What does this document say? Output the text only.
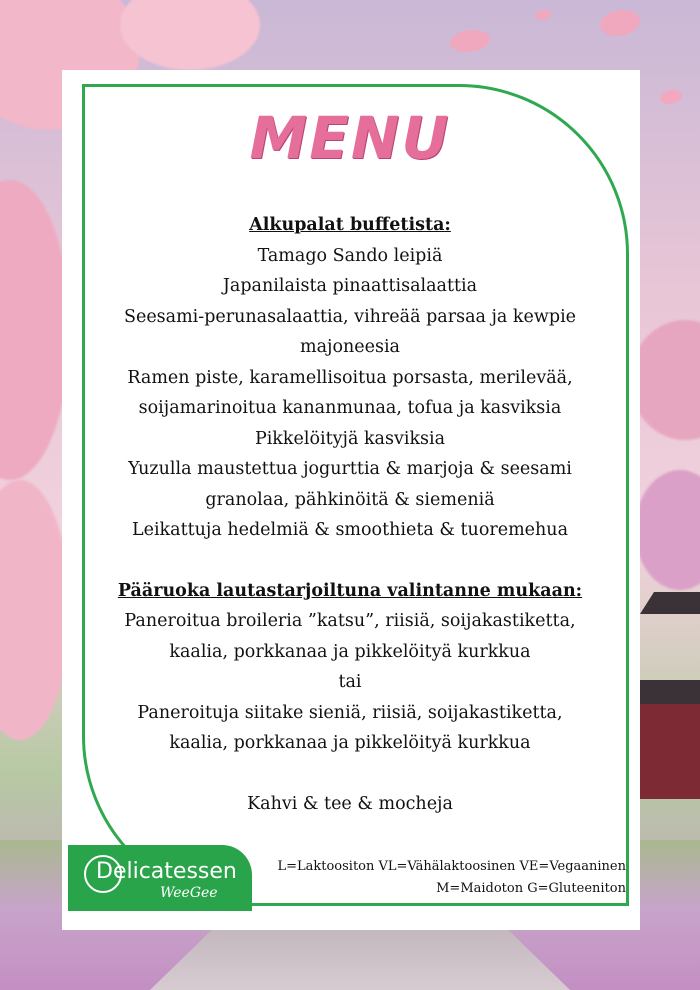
MENU
Alkupalat buffetista:
Tamago Sando leipiä
Japanilaista pinaattisalaattia
Seesami-perunasalaattia, vihreää parsaa ja kewpie
majoneesia
Ramen piste, karamellisoitua porsasta, merilevää,
soijamarinoitua kananmunaa, tofua ja kasviksia
Pikkelöityjä kasviksia
Yuzulla maustettua jogurttia & marjoja & seesami
granolaa, pähkinöitä & siemeniä
Leikattuja hedelmiä & smoothieta & tuoremehua
Pääruoka lautastarjoiltuna valintanne mukaan:
Paneroitua broileria ”katsu”, riisiä, soijakastiketta,
kaalia, porkkanaa ja pikkelöityä kurkkua
tai
Paneroituja siitake sieniä, riisiä, soijakastiketta,
kaalia, porkkanaa ja pikkelöityä kurkkua
Kahvi & tee & mocheja
Delicatessen
WeeGee
L=Laktoositon VL=Vähälaktoosinen VE=Vegaaninen
M=Maidoton G=Gluteeniton
